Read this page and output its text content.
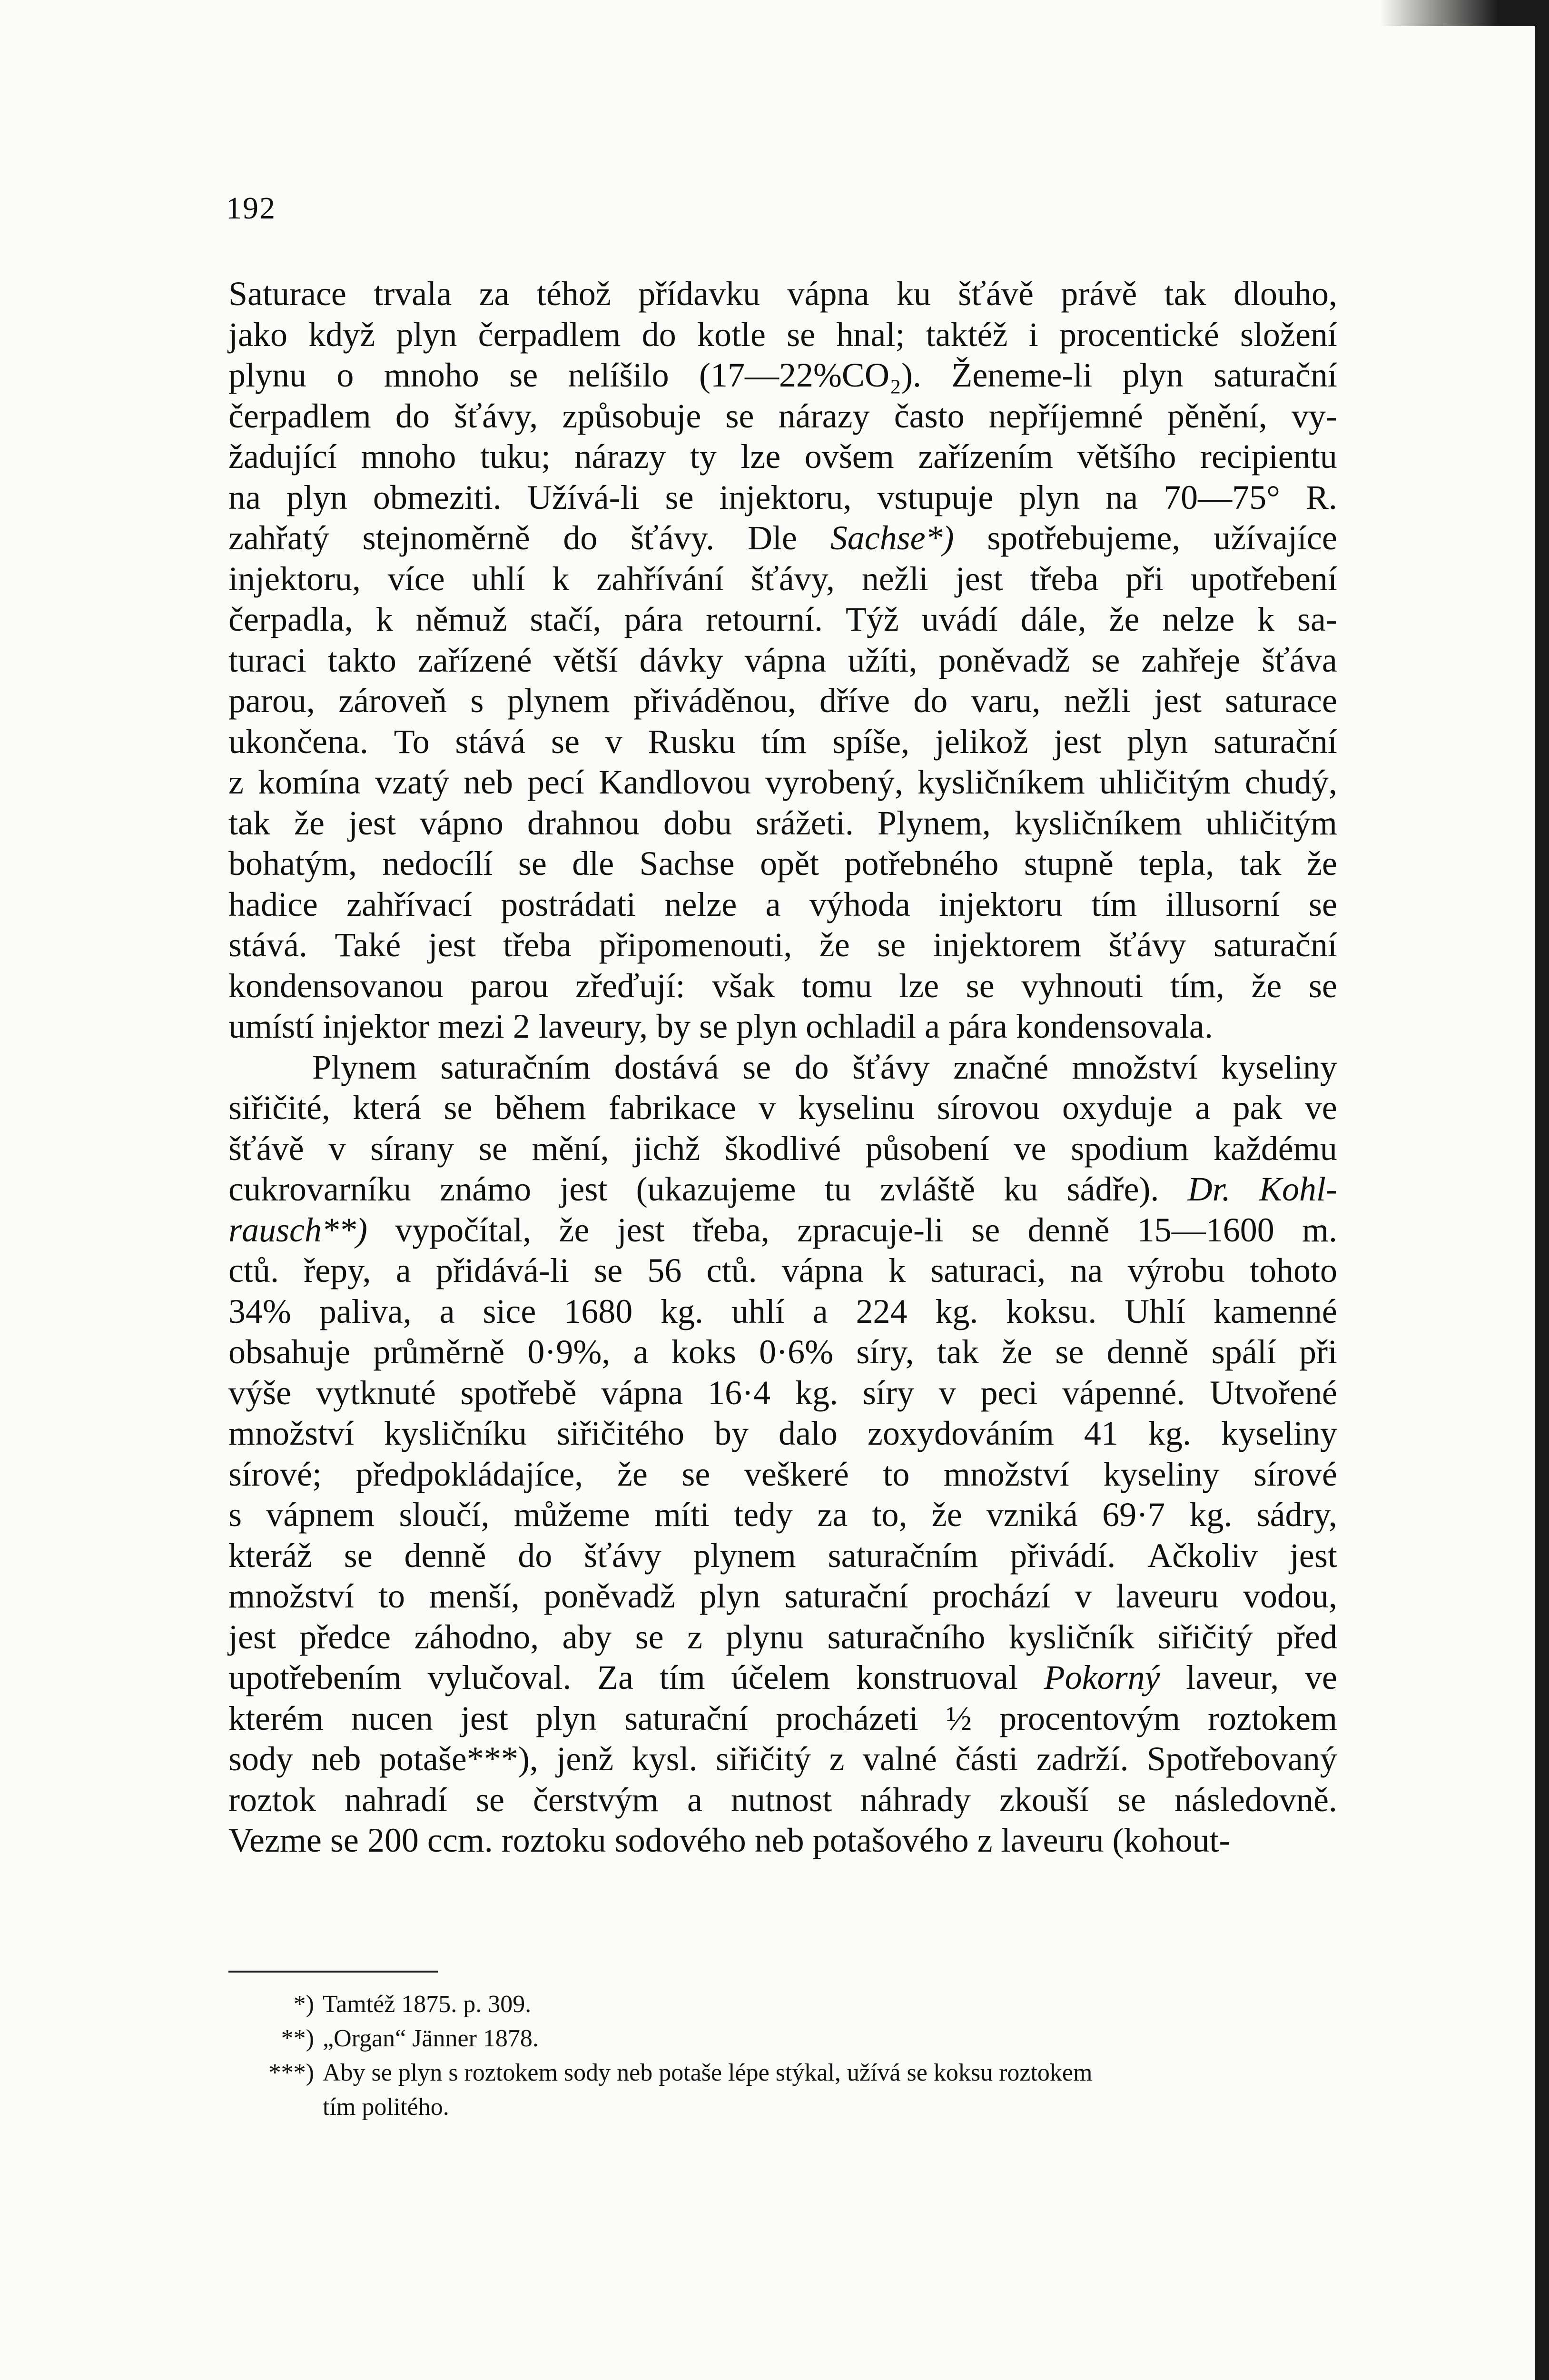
192
Saturace trvala za téhož přídavku vápna ku šťávě právě tak dlouho,
jako když plyn čerpadlem do kotle se hnal; taktéž i procentické složení
plynu o mnoho se nelíšilo (17—22%CO₂). Ženeme-li plyn saturační
čerpadlem do šťávy, způsobuje se nárazy často nepříjemné pěnění, vy-
žadující mnoho tuku; nárazy ty lze ovšem zařízením většího recipientu
na plyn obmeziti. Užívá-li se injektoru, vstupuje plyn na 70—75° R.
zahřatý stejnoměrně do šťávy. Dle Sachse*) spotřebujeme, užívajíce
injektoru, více uhlí k zahřívání šťávy, nežli jest třeba při upotřebení
čerpadla, k němuž stačí, pára retourní. Týž uvádí dále, že nelze k sa-
turaci takto zařízené větší dávky vápna užíti, poněvadž se zahřeje šťáva
parou, zároveň s plynem přiváděnou, dříve do varu, nežli jest saturace
ukončena. To stává se v Rusku tím spíše, jelikož jest plyn saturační
z komína vzatý neb pecí Kandlovou vyrobený, kysličníkem uhličitým chudý,
tak že jest vápno drahnou dobu srážeti. Plynem, kysličníkem uhličitým
bohatým, nedocílí se dle Sachse opět potřebného stupně tepla, tak že
hadice zahřívací postrádati nelze a výhoda injektoru tím illusorní se
stává. Také jest třeba připomenouti, že se injektorem šťávy saturační
kondensovanou parou zřeďují: však tomu lze se vyhnouti tím, že se
umístí injektor mezi 2 laveury, by se plyn ochladil a pára kondensovala.
Plynem saturačním dostává se do šťávy značné množství kyseliny
siřičité, která se během fabrikace v kyselinu sírovou oxyduje a pak ve
šťávě v sírany se mění, jichž škodlivé působení ve spodium každému
cukrovarníku známo jest (ukazujeme tu zvláště ku sádře). Dr. Kohl-
rausch**) vypočítal, že jest třeba, zpracuje-li se denně 15—1600 m.
ctů. řepy, a přidává-li se 56 ctů. vápna k saturaci, na výrobu tohoto
34% paliva, a sice 1680 kg. uhlí a 224 kg. koksu. Uhlí kamenné
obsahuje průměrně 0·9%, a koks 0·6% síry, tak že se denně spálí při
výše vytknuté spotřebě vápna 16·4 kg. síry v peci vápenné. Utvořené
množství kysličníku siřičitého by dalo zoxydováním 41 kg. kyseliny
sírové; předpokládajíce, že se veškeré to množství kyseliny sírové
s vápnem sloučí, můžeme míti tedy za to, že vzniká 69·7 kg. sádry,
kteráž se denně do šťávy plynem saturačním přivádí. Ačkoliv jest
množství to menší, poněvadž plyn saturační prochází v laveuru vodou,
jest předce záhodno, aby se z plynu saturačního kysličník siřičitý před
upotřebením vylučoval. Za tím účelem konstruoval Pokorný laveur, ve
kterém nucen jest plyn saturační procházeti ½ procentovým roztokem
sody neb potaše***), jenž kysl. siřičitý z valné části zadrží. Spotřebovaný
roztok nahradí se čerstvým a nutnost náhrady zkouší se následovně.
Vezme se 200 ccm. roztoku sodového neb potašového z laveuru (kohout-
*) Tamtéž 1875. p. 309.
**) „Organ“ Jänner 1878.
***) Aby se plyn s roztokem sody neb potaše lépe stýkal, užívá se koksu roztokem
tím politého.
